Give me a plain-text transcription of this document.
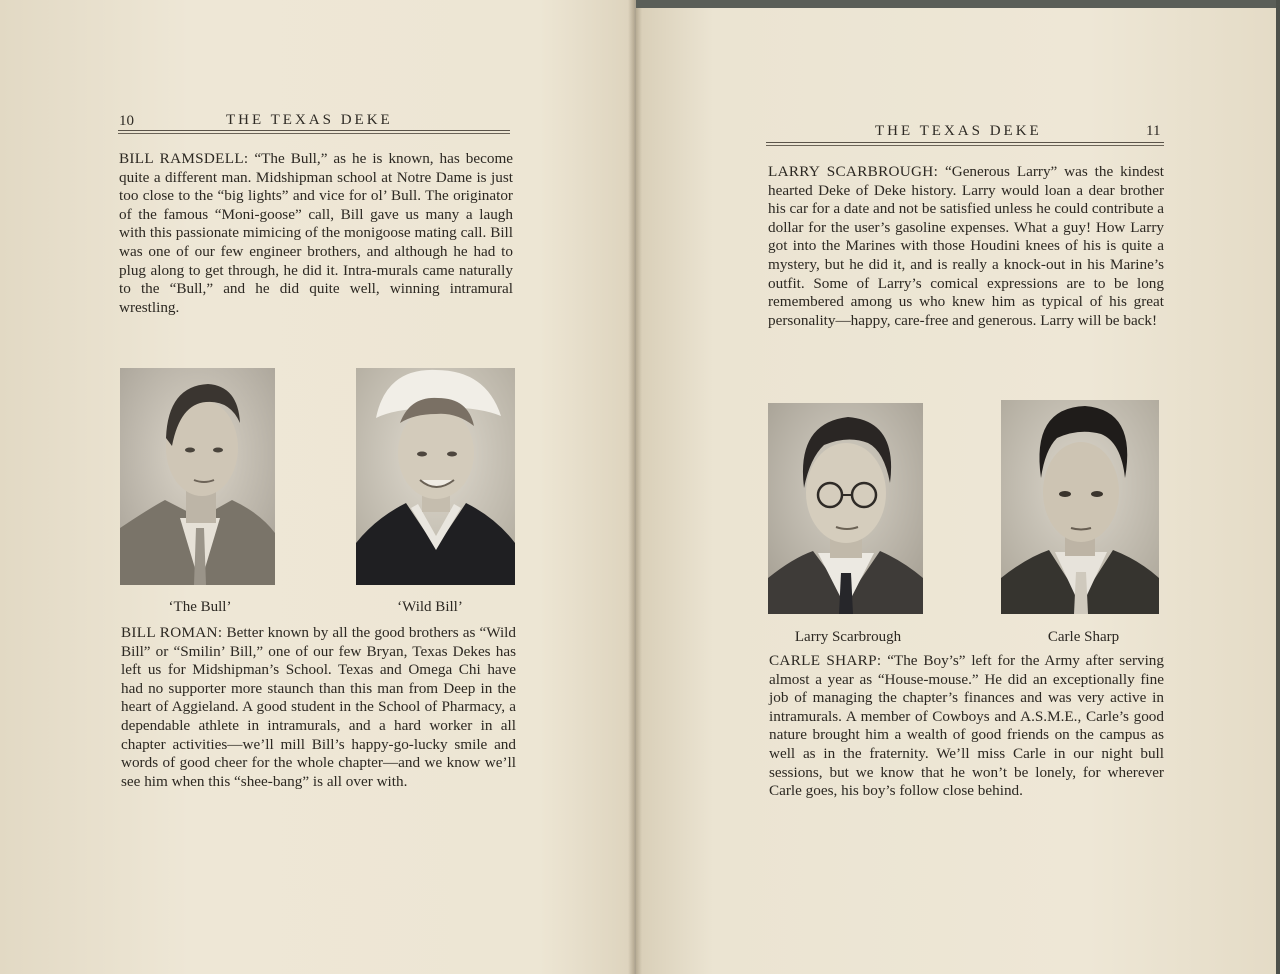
10	THE TEXAS DEKE
BILL RAMSDELL: “The Bull,” as he is known, has become quite a different man. Midshipman school at Notre Dame is just too close to the “big lights” and vice for ol’ Bull. The originator of the famous “Moni-goose” call, Bill gave us many a laugh with this passionate mimicing of the monigoose mating call. Bill was one of our few engineer brothers, and although he had to plug along to get through, he did it. Intra-murals came naturally to the “Bull,” and he did quite well, winning intramural wrestling.
‘The Bull’	‘Wild Bill’
BILL ROMAN: Better known by all the good brothers as “Wild Bill” or “Smilin’ Bill,” one of our few Bryan, Texas Dekes has left us for Midshipman’s School. Texas and Omega Chi have had no supporter more staunch than this man from Deep in the heart of Aggieland. A good student in the School of Pharmacy, a dependable athlete in intramurals, and a hard worker in all chapter activities—we’ll mill Bill’s happy-go-lucky smile and words of good cheer for the whole chapter—and we know we’ll see him when this “shee-bang” is all over with.
THE TEXAS DEKE	11
LARRY SCARBROUGH: “Generous Larry” was the kindest hearted Deke of Deke history. Larry would loan a dear brother his car for a date and not be satisfied unless he could contribute a dollar for the user’s gasoline expenses. What a guy! How Larry got into the Marines with those Houdini knees of his is quite a mystery, but he did it, and is really a knock-out in his Marine’s outfit. Some of Larry’s comical expressions are to be long remembered among us who knew him as typical of his great personality—happy, care-free and generous. Larry will be back!
Larry Scarbrough	Carle Sharp
CARLE SHARP: “The Boy’s” left for the Army after serving almost a year as “House-mouse.” He did an exceptionally fine job of managing the chapter’s finances and was very active in intramurals. A member of Cowboys and A.S.M.E., Carle’s good nature brought him a wealth of good friends on the campus as well as in the fraternity. We’ll miss Carle in our night bull sessions, but we know that he won’t be lonely, for wherever Carle goes, his boy’s follow close behind.
